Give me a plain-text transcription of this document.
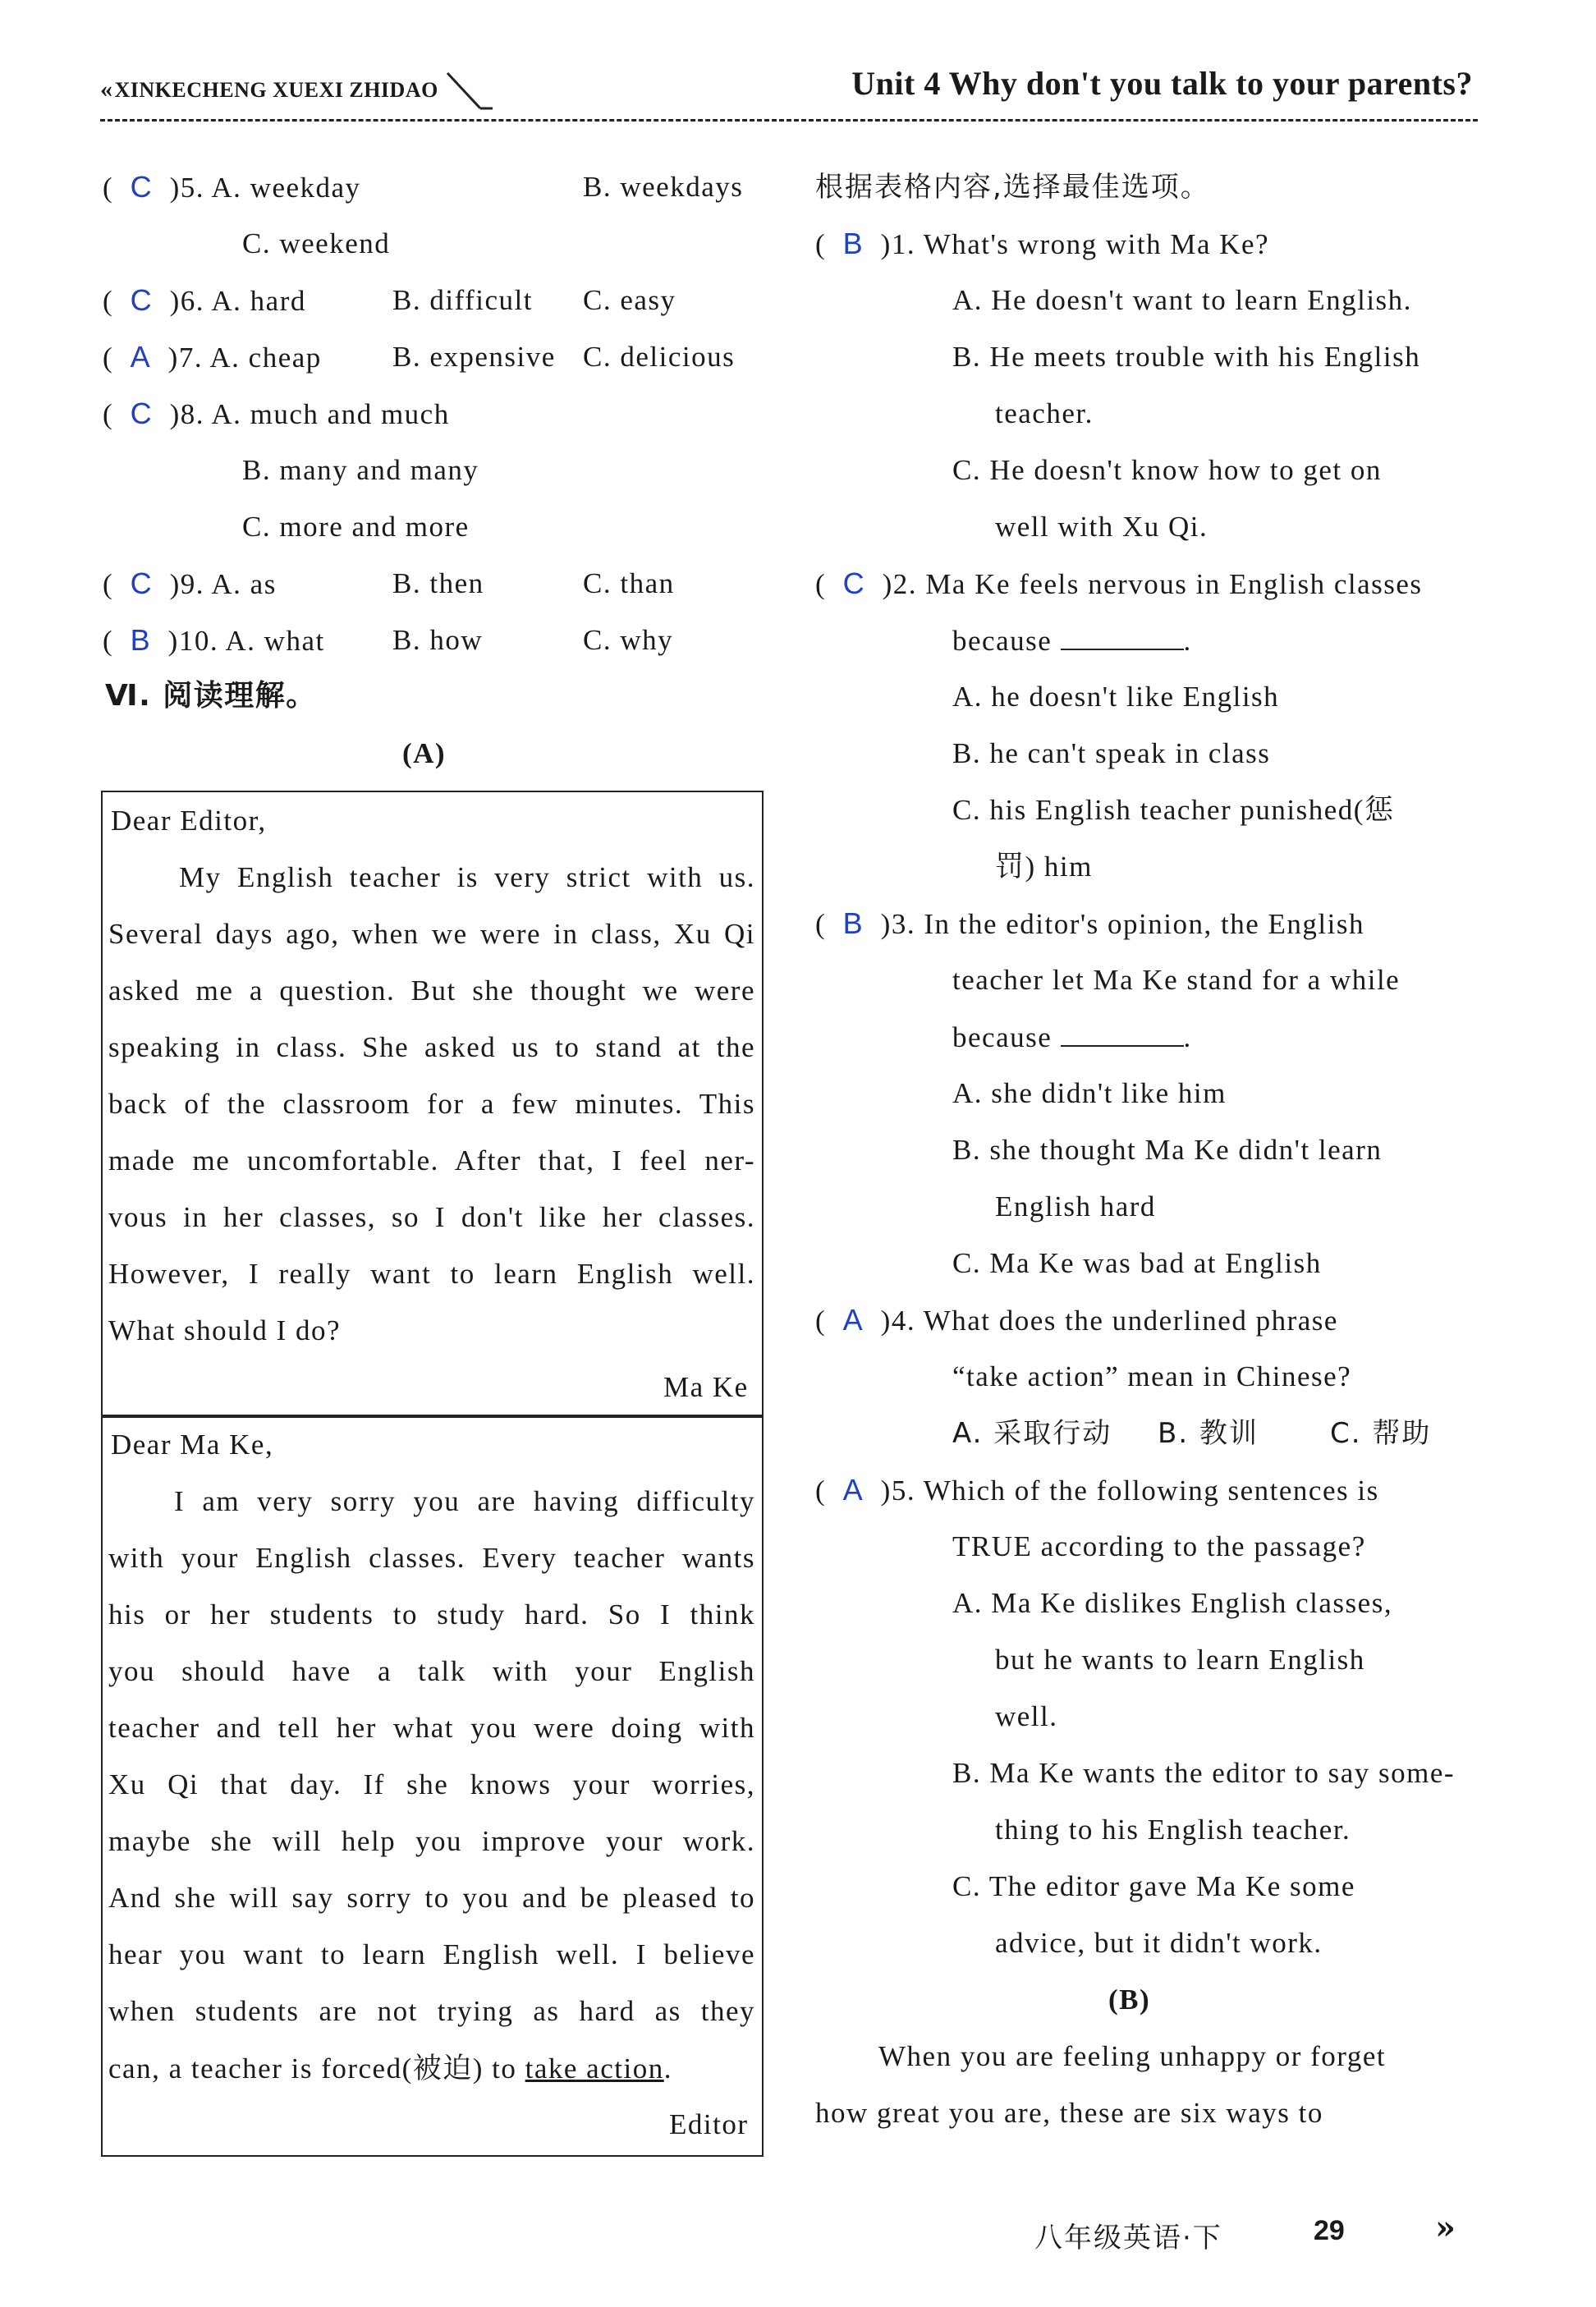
«XINKECHENG XUEXI ZHIDAO	Unit 4 Why don't you talk to your parents?
(  C )5. A. weekday	B. weekdays
C. weekend
(  C )6. A. hard	B. difficult C. easy
(  A )7. A. cheap B. expensive C. delicious
(  C )8. A. much and much
B. many and many
C. more and more
(  C )9. A. as	B. then	C. than
(  B )10. A. what B. how	C. why
Ⅵ. 阅读理解。
(A)
Dear Editor,
My English teacher is very strict with us.
Several days ago, when we were in class, Xu Qi
asked me a question. But she thought we were
speaking in class. She asked us to stand at the
back of the classroom for a few minutes. This
made me uncomfortable. After that, I feel ner-
vous in her classes, so I don't like her classes.
However, I really want to learn English well.
What should I do?
Ma Ke
Dear Ma Ke,
I am very sorry you are having difficulty
with your English classes. Every teacher wants
his or her students to study hard. So I think
you should have a talk with your English
teacher and tell her what you were doing with
Xu Qi that day. If she knows your worries,
maybe she will help you improve your work.
And she will say sorry to you and be pleased to
hear you want to learn English well. I believe
when students are not trying as hard as they
can, a teacher is forced(被迫) to take action.
Editor
根据表格内容,选择最佳选项。
(  B )1. What's wrong with Ma Ke?
A. He doesn't want to learn English.
B. He meets trouble with his English
teacher.
C. He doesn't know how to get on
well with Xu Qi.
(  C )2. Ma Ke feels nervous in English classes
because	.
A. he doesn't like English
B. he can't speak in class
C. his English teacher punished(惩
罚) him
(  B )3. In the editor's opinion, the English
teacher let Ma Ke stand for a while
because	.
A. she didn't like him
B. she thought Ma Ke didn't learn
English hard
C. Ma Ke was bad at English
(  A )4. What does the underlined phrase
“take action” mean in Chinese?
A. 采取行动 B. 教训	C. 帮助
(  A )5. Which of the following sentences is
TRUE according to the passage?
A. Ma Ke dislikes English classes,
but he wants to learn English
well.
B. Ma Ke wants the editor to say some-
thing to his English teacher.
C. The editor gave Ma Ke some
advice, but it didn't work.
(B)
When you are feeling unhappy or forget
how great you are, these are six ways to
八年级英语·下	29	»
